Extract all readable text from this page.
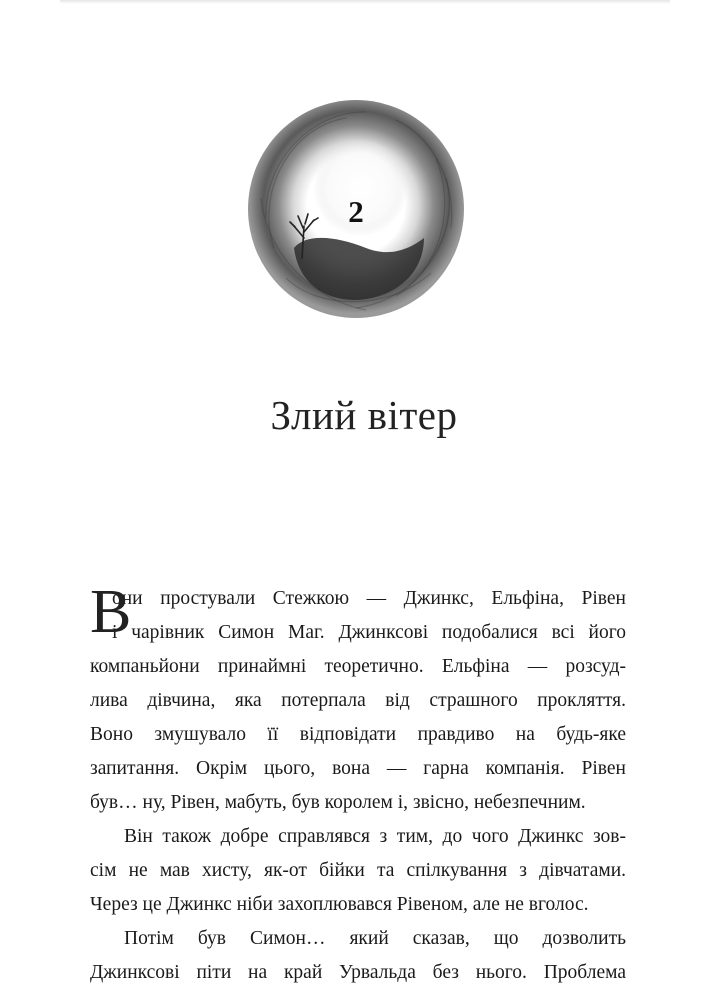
2
Злий вітер
В
они простували Стежкою — Джинкс, Ельфіна, Рівен
і чарівник Симон Маг. Джинксові подобалися всі його
компаньйони принаймні теоретично. Ельфіна — розсуд-
лива дівчина, яка потерпала від страшного прокляття.
Воно змушувало її відповідати правдиво на будь-яке
запитання. Окрім цього, вона — гарна компанія. Рівен
був… ну, Рівен, мабуть, був королем і, звісно, небезпечним.
Він також добре справлявся з тим, до чого Джинкс зов-
сім не мав хисту, як-от бійки та спілкування з дівчатами.
Через це Джинкс ніби захоплювався Рівеном, але не вголос.
Потім був Симон… який сказав, що дозволить
Джинксові піти на край Урвальда без нього. Проблема
